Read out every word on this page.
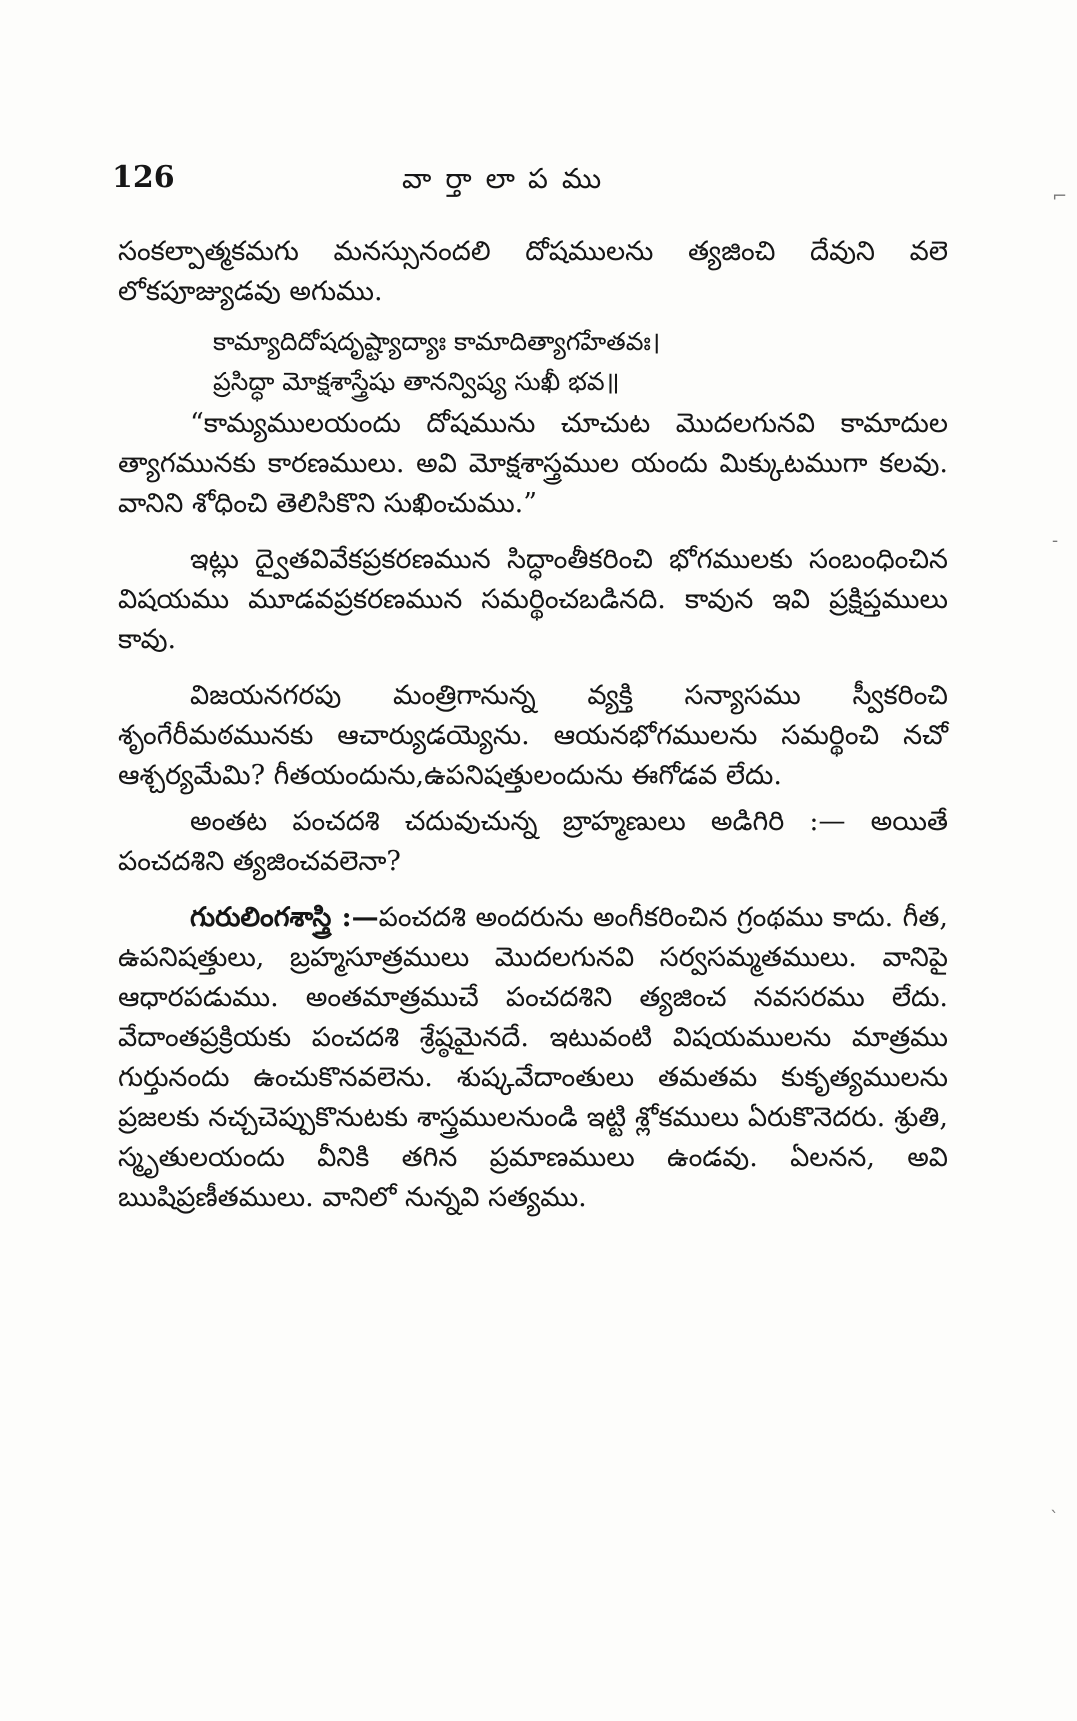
126	వార్తాలాపము

సంకల్పాత్మకమగు మనస్సునందలి దోషములను త్యజించి దేవుని వలె లోకపూజ్యుడవు అగుము.

కామ్యాదిదోషదృష్ట్యాద్యాః కామాదిత్యాగహేతవః।
ప్రసిద్ధా మోక్షశాస్త్రేషు తానన్విష్య సుఖీ భవ॥

“కామ్యములయందు దోషమును చూచుట మొదలగునవి కామాదుల త్యాగమునకు కారణములు. అవి మోక్షశాస్త్రముల యందు మిక్కుటముగా కలవు. వానిని శోధించి తెలిసికొని సుఖించుము.”

ఇట్లు ద్వైతవివేకప్రకరణమున సిద్ధాంతీకరించి భోగములకు సంబంధించిన విషయము మూడవప్రకరణమున సమర్థించబడినది. కావున ఇవి ప్రక్షిప్తములు కావు.

విజయనగరపు మంత్రిగానున్న వ్యక్తి సన్యాసము స్వీకరించి శృంగేరీమఠమునకు ఆచార్యుడయ్యెను. ఆయనభోగములను సమర్థించి నచో ఆశ్చర్యమేమి? గీతయందును,ఉపనిషత్తులందును ఈగోడవ లేదు.

అంతట పంచదశి చదువుచున్న బ్రాహ్మణులు అడిగిరి :— అయితే పంచదశిని త్యజించవలెనా?

గురులింగశాస్త్రి :—పంచదశి అందరును అంగీకరించిన గ్రంథము కాదు. గీత, ఉపనిషత్తులు, బ్రహ్మసూత్రములు మొదలగునవి సర్వసమ్మతములు. వానిపై ఆధారపడుము. అంతమాత్రముచే పంచదశిని త్యజించ నవసరము లేదు. వేదాంతప్రక్రియకు పంచదశి శ్రేష్ఠమైనదే. ఇటువంటి విషయములను మాత్రము గుర్తునందు ఉంచుకొనవలెను. శుష్కవేదాంతులు తమతమ కుకృత్యములను ప్రజలకు నచ్చచెప్పుకొనుటకు శాస్త్రములనుండి ఇట్టి శ్లోకములు ఏరుకొనెదరు. శ్రుతి, స్మృతులయందు వీనికి తగిన ప్రమాణములు ఉండవు. ఏలనన, అవి ఋషిప్రణీతములు. వానిలో నున్నవి సత్యము.

⌐
-
ˋ
